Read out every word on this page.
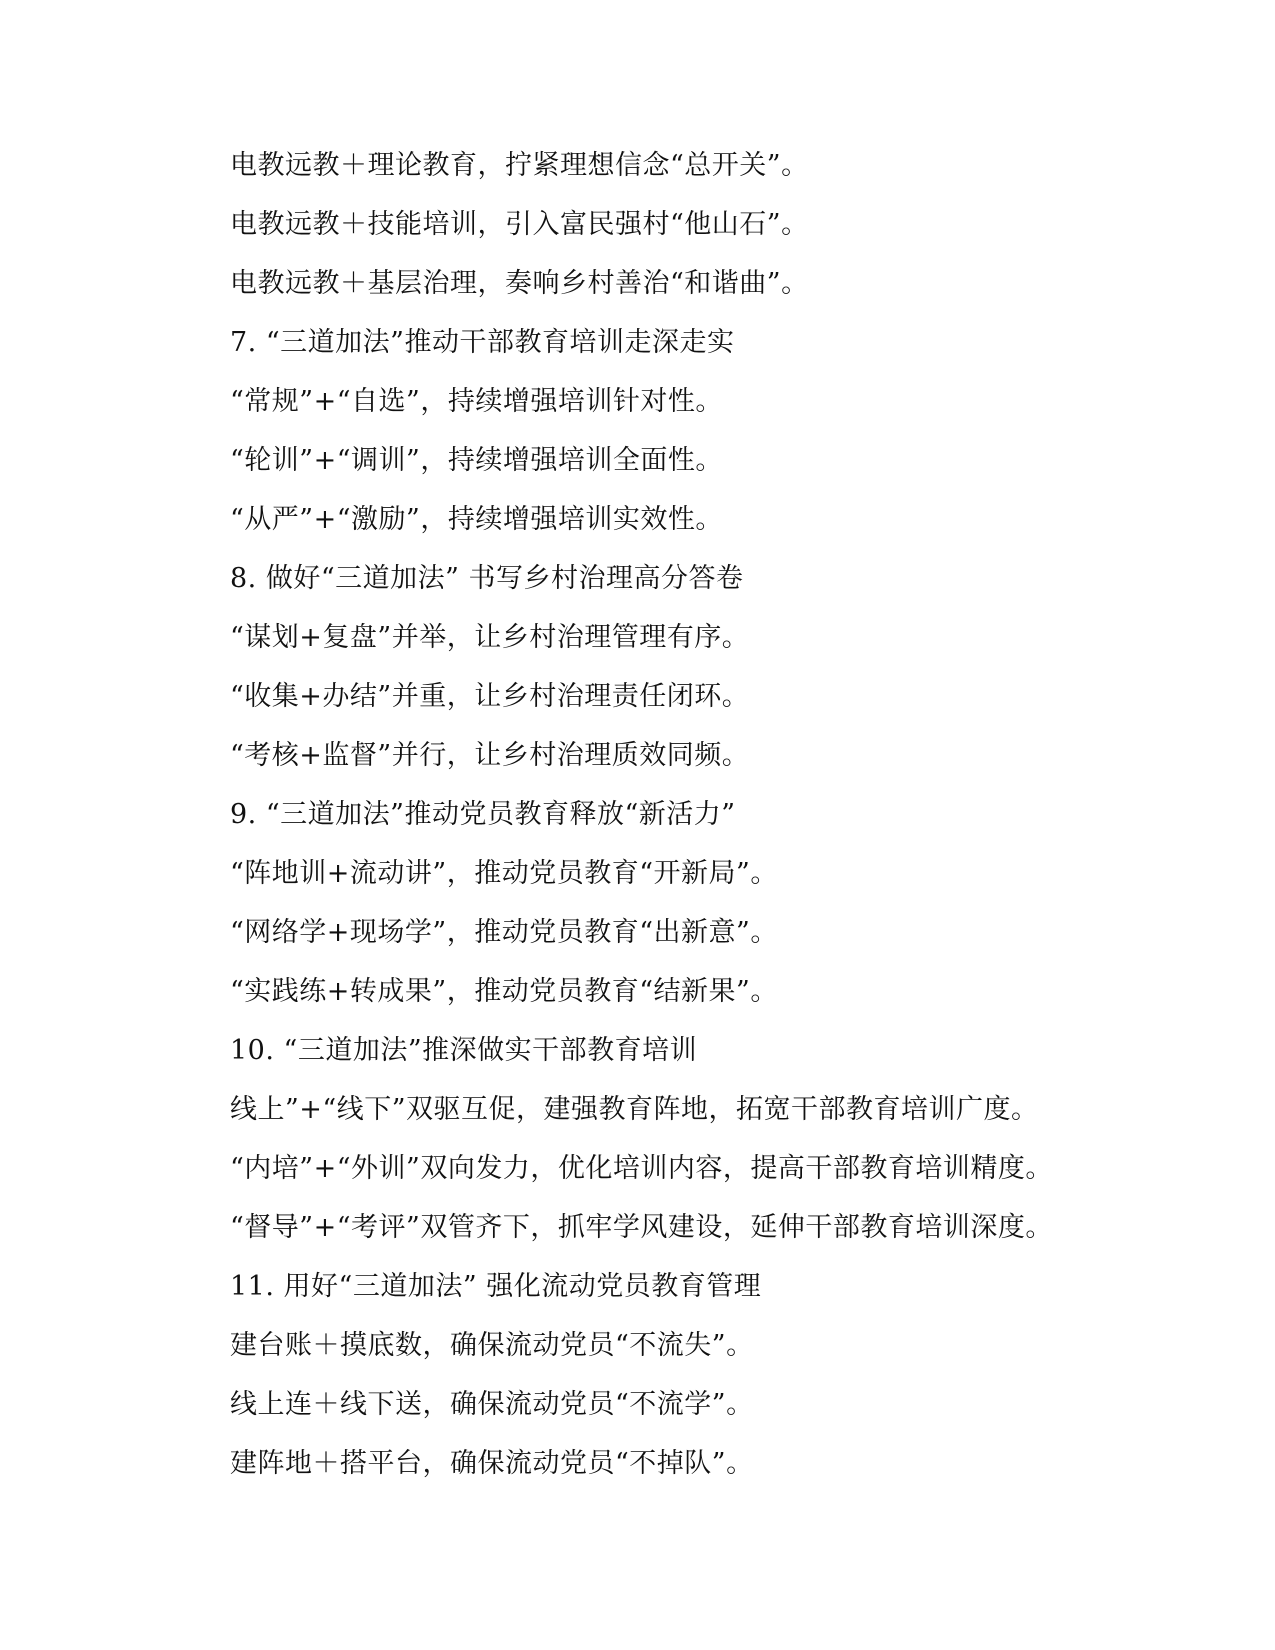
电教远教＋理论教育，拧紧理想信念“总开关”。
电教远教＋技能培训，引入富民强村“他山石”。
电教远教＋基层治理，奏响乡村善治“和谐曲”。
7. “三道加法”推动干部教育培训走深走实
“常规”+“自选”，持续增强培训针对性。
“轮训”+“调训”，持续增强培训全面性。
“从严”+“激励”，持续增强培训实效性。
8. 做好“三道加法” 书写乡村治理高分答卷
“谋划+复盘”并举，让乡村治理管理有序。
“收集+办结”并重，让乡村治理责任闭环。
“考核+监督”并行，让乡村治理质效同频。
9. “三道加法”推动党员教育释放“新活力”
“阵地训+流动讲”，推动党员教育“开新局”。
“网络学+现场学”，推动党员教育“出新意”。
“实践练+转成果”，推动党员教育“结新果”。
10. “三道加法”推深做实干部教育培训
线上”+“线下”双驱互促，建强教育阵地，拓宽干部教育培训广度。
“内培”+“外训”双向发力，优化培训内容，提高干部教育培训精度。
“督导”+“考评”双管齐下，抓牢学风建设，延伸干部教育培训深度。
11. 用好“三道加法” 强化流动党员教育管理
建台账＋摸底数，确保流动党员“不流失”。
线上连＋线下送，确保流动党员“不流学”。
建阵地＋搭平台，确保流动党员“不掉队”。
